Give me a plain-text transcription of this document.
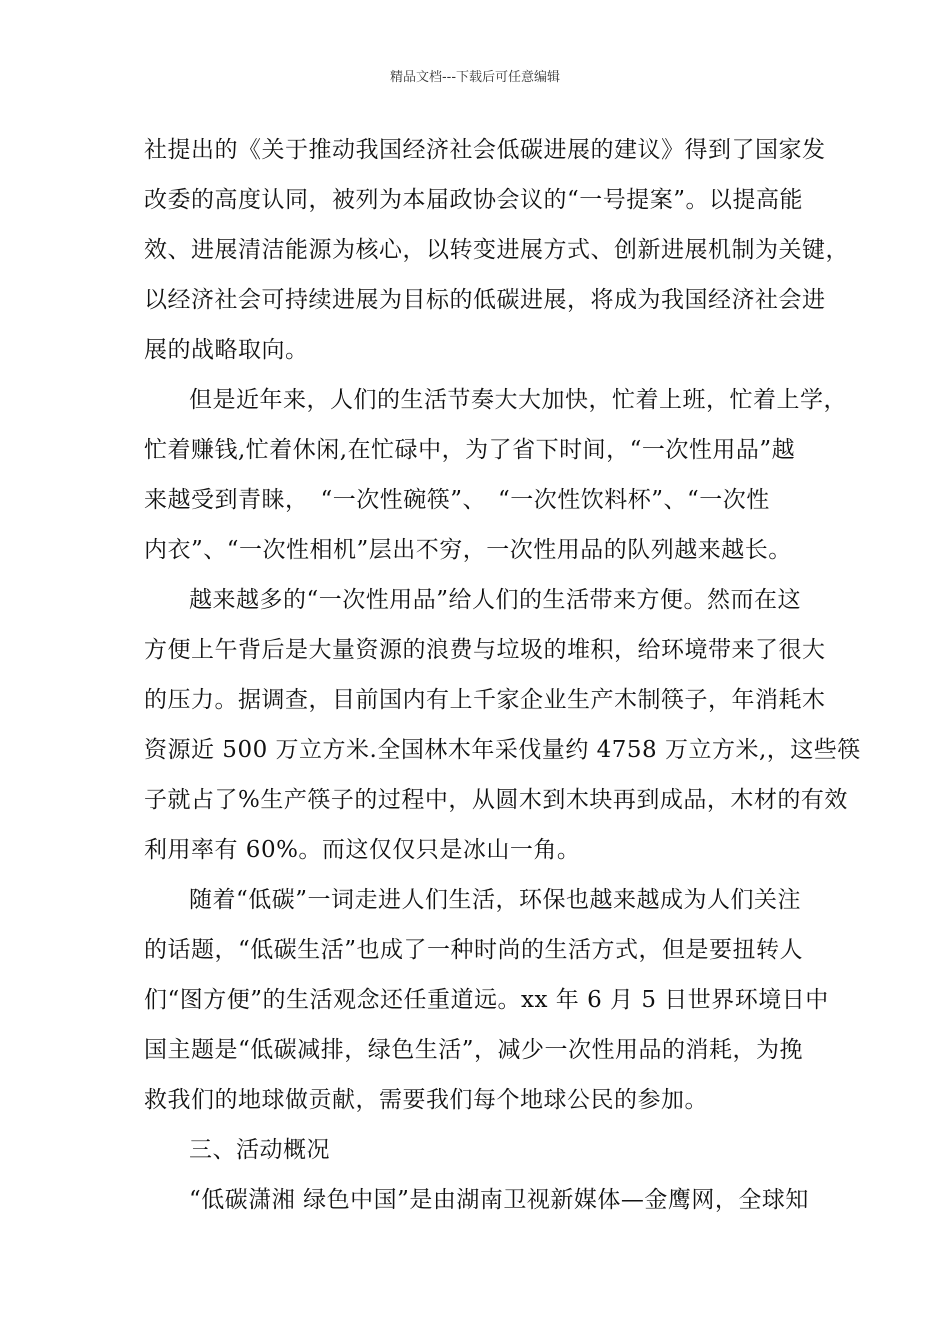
精品文档---下载后可任意编辑
社提出的《关于推动我国经济社会低碳进展的建议》得到了国家发
改委的高度认同，被列为本届政协会议的“一号提案”。以提高能
效、进展清洁能源为核心，以转变进展方式、创新进展机制为关键，
以经济社会可持续进展为目标的低碳进展，将成为我国经济社会进
展的战略取向。
但是近年来，人们的生活节奏大大加快，忙着上班，忙着上学，
忙着赚钱,忙着休闲,在忙碌中，为了省下时间，“一次性用品”越
来越受到青睐，　“一次性碗筷”、　“一次性饮料杯”、“一次性
内衣”、“一次性相机”层出不穷，一次性用品的队列越来越长。
越来越多的“一次性用品”给人们的生活带来方便。然而在这
方便上午背后是大量资源的浪费与垃圾的堆积，给环境带来了很大
的压力。据调查，目前国内有上千家企业生产木制筷子，年消耗木
资源近 500 万立方米.全国林木年采伐量约 4758 万立方米,，这些筷
子就占了%生产筷子的过程中，从圆木到木块再到成品，木材的有效
利用率有 60%。而这仅仅只是冰山一角。
随着“低碳”一词走进人们生活，环保也越来越成为人们关注
的话题，“低碳生活”也成了一种时尚的生活方式，但是要扭转人
们“图方便”的生活观念还任重道远。xx 年 6 月 5 日世界环境日中
国主题是“低碳减排，绿色生活”，减少一次性用品的消耗，为挽
救我们的地球做贡献，需要我们每个地球公民的参加。
三、活动概况
“低碳潇湘 绿色中国”是由湖南卫视新媒体—金鹰网，全球知
